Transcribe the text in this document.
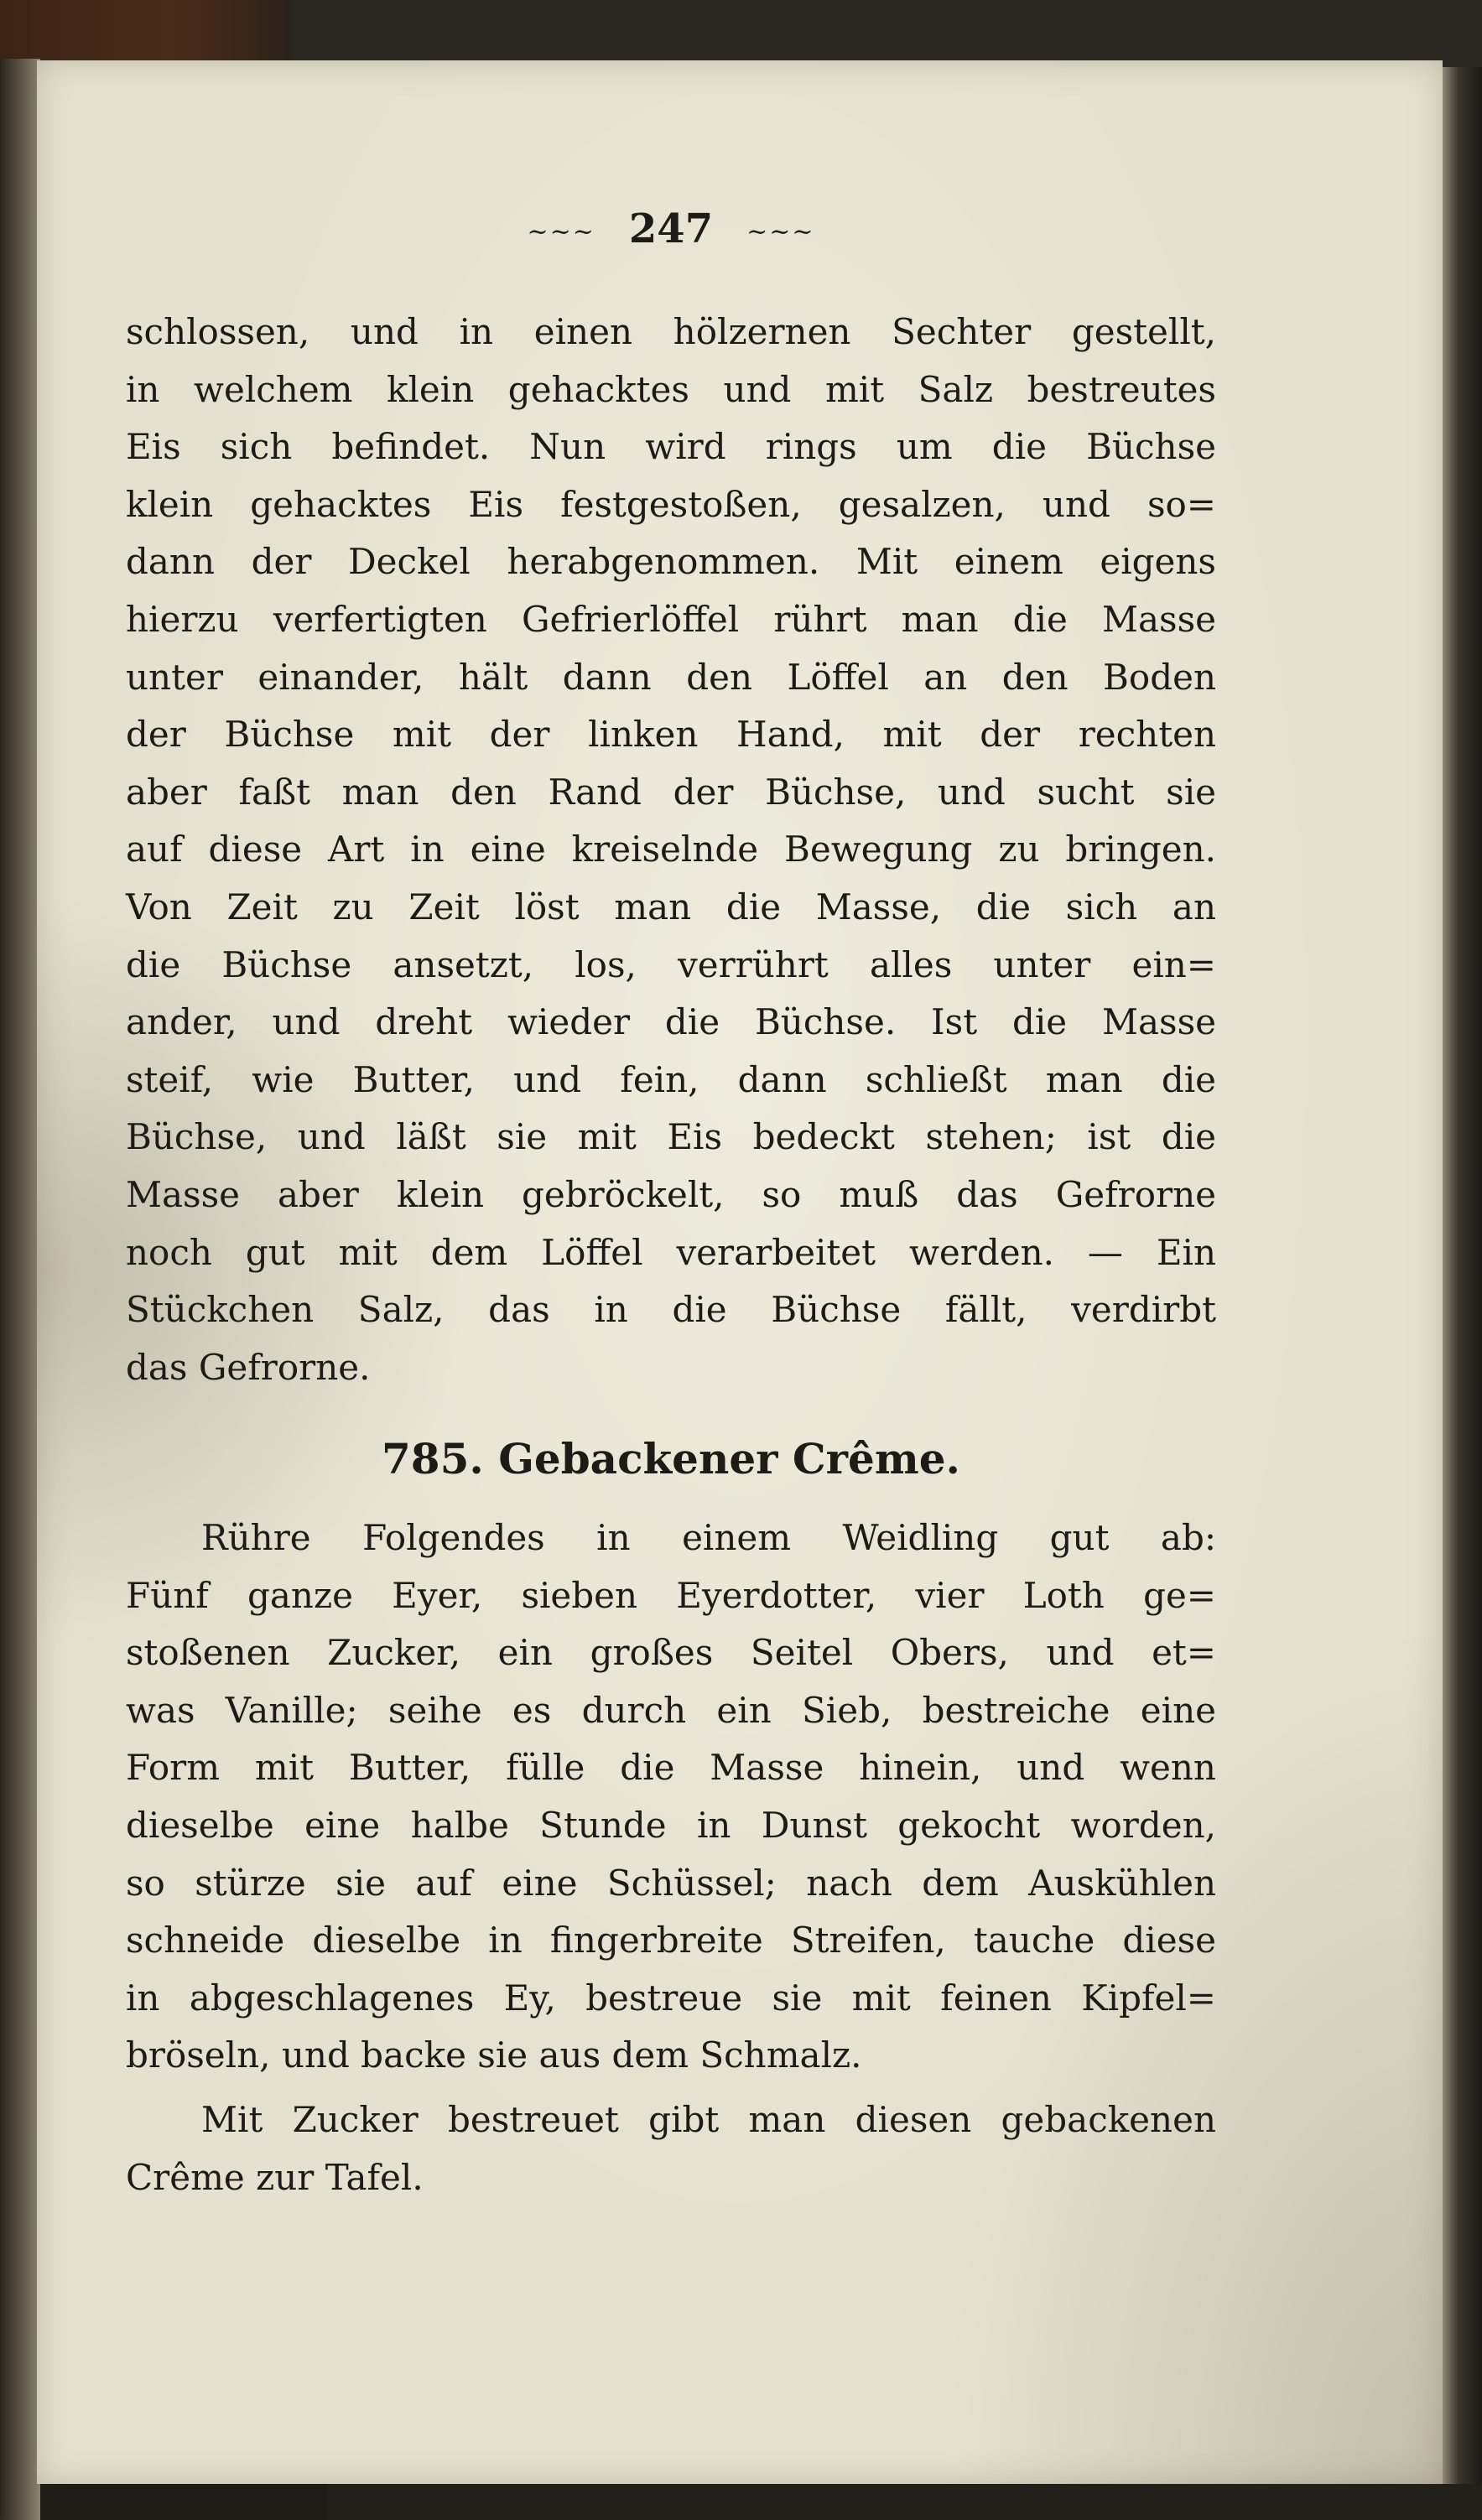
~~~ 247 ~~~
schlossen, und in einen hölzernen Sechter gestellt,
in welchem klein gehacktes und mit Salz bestreutes
Eis sich befindet. Nun wird rings um die Büchse
klein gehacktes Eis festgestoßen, gesalzen, und so=
dann der Deckel herabgenommen. Mit einem eigens
hierzu verfertigten Gefrierlöffel rührt man die Masse
unter einander, hält dann den Löffel an den Boden
der Büchse mit der linken Hand, mit der rechten
aber faßt man den Rand der Büchse, und sucht sie
auf diese Art in eine kreiselnde Bewegung zu bringen.
Von Zeit zu Zeit löst man die Masse, die sich an
die Büchse ansetzt, los, verrührt alles unter ein=
ander, und dreht wieder die Büchse. Ist die Masse
steif, wie Butter, und fein, dann schließt man die
Büchse, und läßt sie mit Eis bedeckt stehen; ist die
Masse aber klein gebröckelt, so muß das Gefrorne
noch gut mit dem Löffel verarbeitet werden. — Ein
Stückchen Salz, das in die Büchse fällt, verdirbt
das Gefrorne.
785. Gebackener Crême.
Rühre Folgendes in einem Weidling gut ab:
Fünf ganze Eyer, sieben Eyerdotter, vier Loth ge=
stoßenen Zucker, ein großes Seitel Obers, und et=
was Vanille; seihe es durch ein Sieb, bestreiche eine
Form mit Butter, fülle die Masse hinein, und wenn
dieselbe eine halbe Stunde in Dunst gekocht worden,
so stürze sie auf eine Schüssel; nach dem Auskühlen
schneide dieselbe in fingerbreite Streifen, tauche diese
in abgeschlagenes Ey, bestreue sie mit feinen Kipfel=
bröseln, und backe sie aus dem Schmalz.
Mit Zucker bestreuet gibt man diesen gebackenen
Crême zur Tafel.
